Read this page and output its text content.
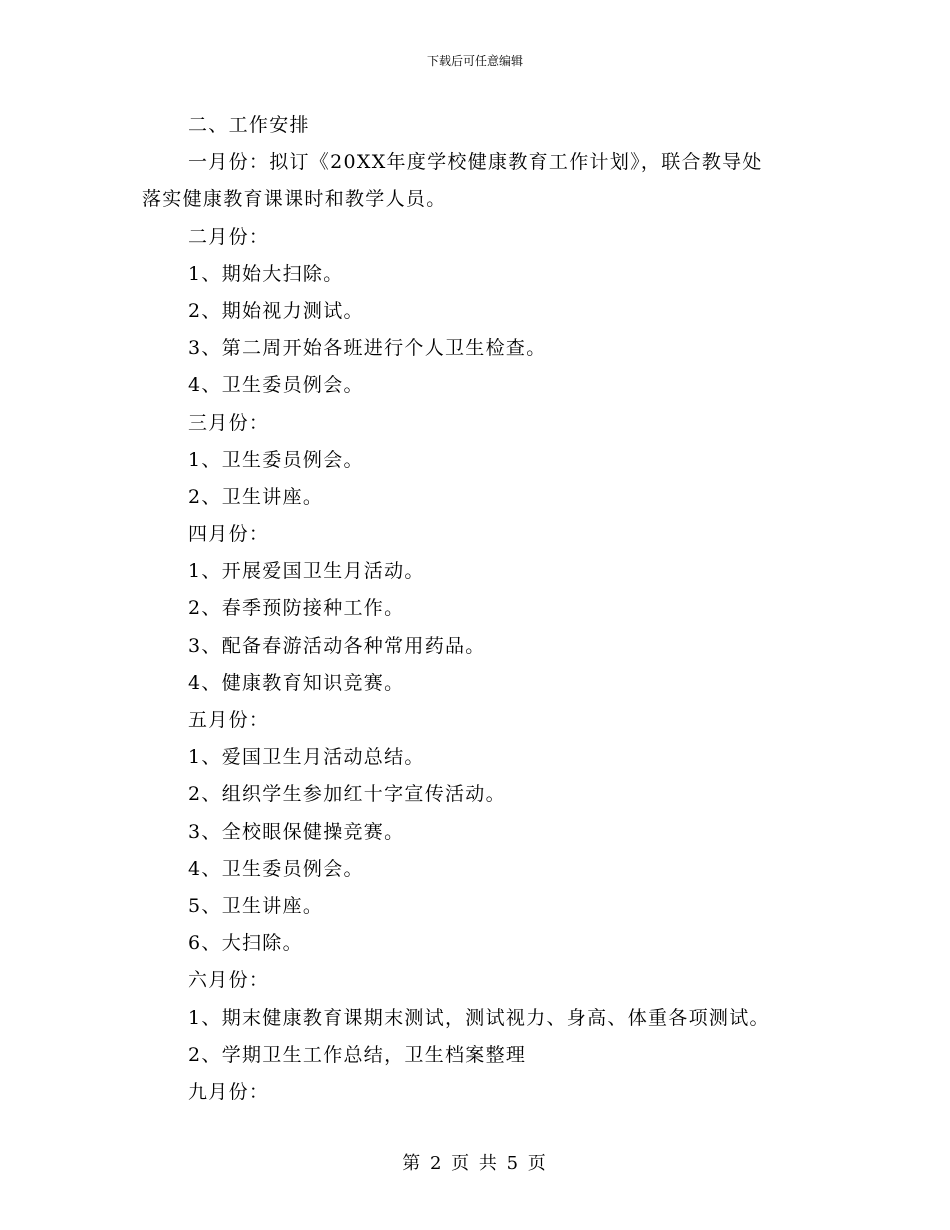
下载后可任意编辑
二、工作安排
一月份：拟订《20XX年度学校健康教育工作计划》，联合教导处
落实健康教育课课时和教学人员。
二月份：
1、期始大扫除。
2、期始视力测试。
3、第二周开始各班进行个人卫生检查。
4、卫生委员例会。
三月份：
1、卫生委员例会。
2、卫生讲座。
四月份：
1、开展爱国卫生月活动。
2、春季预防接种工作。
3、配备春游活动各种常用药品。
4、健康教育知识竞赛。
五月份：
1、爱国卫生月活动总结。
2、组织学生参加红十字宣传活动。
3、全校眼保健操竞赛。
4、卫生委员例会。
5、卫生讲座。
6、大扫除。
六月份：
1、期末健康教育课期末测试，测试视力、身高、体重各项测试。
2、学期卫生工作总结，卫生档案整理
九月份：
第 2 页 共 5 页
